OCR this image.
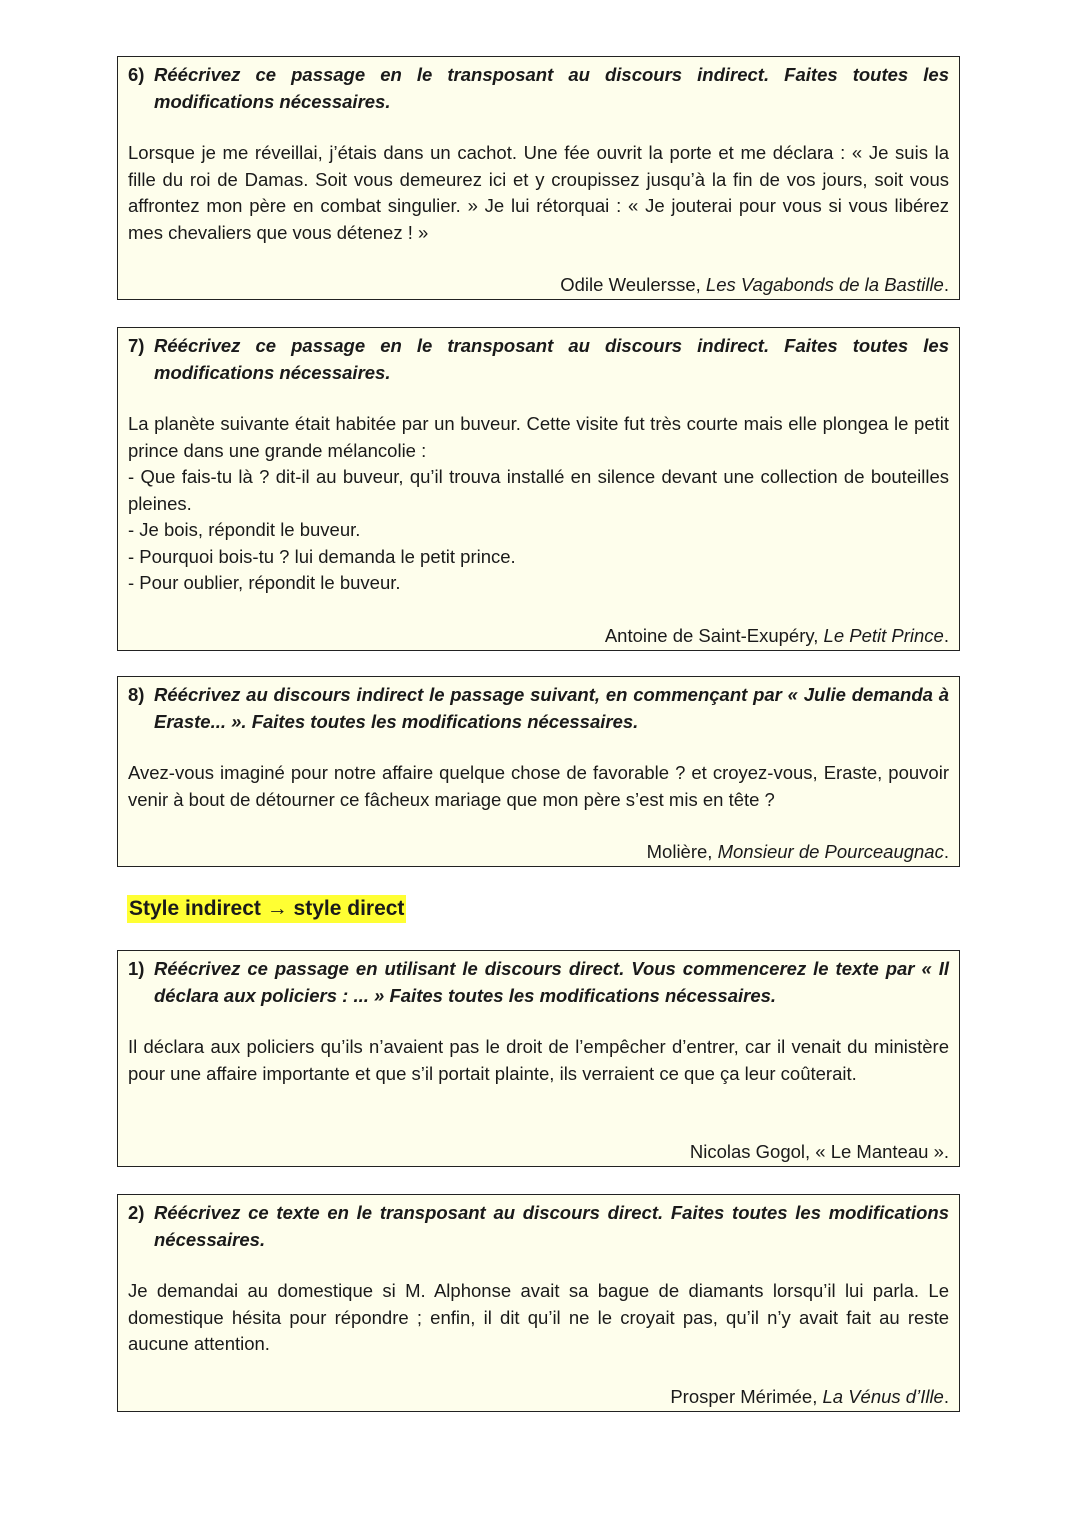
6) Réécrivez ce passage en le transposant au discours indirect. Faites toutes les modifications nécessaires.

Lorsque je me réveillai, j’étais dans un cachot. Une fée ouvrit la porte et me déclara : « Je suis la fille du roi de Damas. Soit vous demeurez ici et y croupissez jusqu’à la fin de vos jours, soit vous affrontez mon père en combat singulier. » Je lui rétorquai : « Je jouterai pour vous si vous libérez mes chevaliers que vous détenez ! »

Odile Weulersse, Les Vagabonds de la Bastille.

7) Réécrivez ce passage en le transposant au discours indirect. Faites toutes les modifications nécessaires.

La planète suivante était habitée par un buveur. Cette visite fut très courte mais elle plongea le petit prince dans une grande mélancolie :

- Que fais-tu là ? dit-il au buveur, qu’il trouva installé en silence devant une collection de bouteilles pleines.

- Je bois, répondit le buveur.

- Pourquoi bois-tu ? lui demanda le petit prince.

- Pour oublier, répondit le buveur.

Antoine de Saint-Exupéry, Le Petit Prince.

8) Réécrivez au discours indirect le passage suivant, en commençant par « Julie demanda à Eraste... ». Faites toutes les modifications nécessaires.

Avez-vous imaginé pour notre affaire quelque chose de favorable ? et croyez-vous, Eraste, pouvoir venir à bout de détourner ce fâcheux mariage que mon père s’est mis en tête ?

Molière, Monsieur de Pourceaugnac.
Style indirect → style direct

1) Réécrivez ce passage en utilisant le discours direct. Vous commencerez le texte par « Il déclara aux policiers : ... » Faites toutes les modifications nécessaires.

Il déclara aux policiers qu’ils n’avaient pas le droit de l’empêcher d’entrer, car il venait du ministère pour une affaire importante et que s’il portait plainte, ils verraient ce que ça leur coûterait.

Nicolas Gogol, « Le Manteau ».

2) Réécrivez ce texte en le transposant au discours direct. Faites toutes les modifications nécessaires.

Je demandai au domestique si M. Alphonse avait sa bague de diamants lorsqu’il lui parla. Le domestique hésita pour répondre ; enfin, il dit qu’il ne le croyait pas, qu’il n’y avait fait au reste aucune attention.

Prosper Mérimée, La Vénus d’Ille.
